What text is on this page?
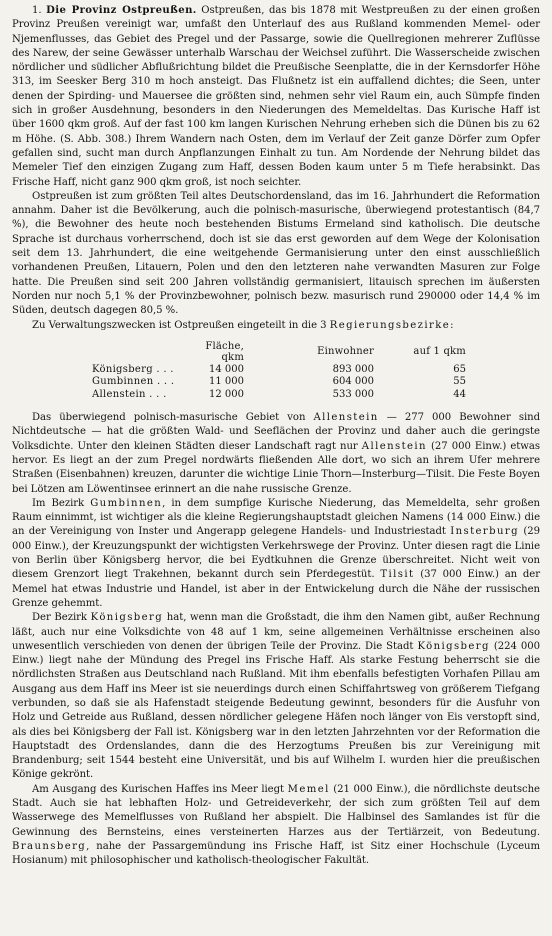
1. Die Provinz Ostpreußen. Ostpreußen, das bis 1878 mit Westpreußen zu der einen großen Provinz Preußen vereinigt war, umfaßt den Unterlauf des aus Rußland kommenden Memel- oder Njemenflusses, das Gebiet des Pregel und der Passarge, sowie die Quellregionen mehrerer Zuflüsse des Narew, der seine Gewässer unterhalb Warschau der Weichsel zuführt. Die Wasserscheide zwischen nördlicher und südlicher Abflußrichtung bildet die Preußische Seenplatte, die in der Kernsdorfer Höhe 313, im Seesker Berg 310 m hoch ansteigt. Das Flußnetz ist ein auffallend dichtes; die Seen, unter denen der Spirding- und Mauersee die größten sind, nehmen sehr viel Raum ein, auch Sümpfe finden sich in großer Ausdehnung, besonders in den Niederungen des Memeldeltas. Das Kurische Haff ist über 1600 qkm groß. Auf der fast 100 km langen Kurischen Nehrung erheben sich die Dünen bis zu 62 m Höhe. (S. Abb. 308.) Ihrem Wandern nach Osten, dem im Verlauf der Zeit ganze Dörfer zum Opfer gefallen sind, sucht man durch Anpflanzungen Einhalt zu tun. Am Nordende der Nehrung bildet das Memeler Tief den einzigen Zugang zum Haff, dessen Boden kaum unter 5 m Tiefe herabsinkt. Das Frische Haff, nicht ganz 900 qkm groß, ist noch seichter.

Ostpreußen ist zum größten Teil altes Deutschordensland, das im 16. Jahrhundert die Reformation annahm. Daher ist die Bevölkerung, auch die polnisch-masurische, überwiegend protestantisch (84,7 %), die Bewohner des heute noch bestehenden Bistums Ermeland sind katholisch. Die deutsche Sprache ist durchaus vorherrschend, doch ist sie das erst geworden auf dem Wege der Kolonisation seit dem 13. Jahrhundert, die eine weitgehende Germanisierung unter den einst ausschließlich vorhandenen Preußen, Litauern, Polen und den den letzteren nahe verwandten Masuren zur Folge hatte. Die Preußen sind seit 200 Jahren vollständig germanisiert, litauisch sprechen im äußersten Norden nur noch 5,1 % der Provinzbewohner, polnisch bezw. masurisch rund 290000 oder 14,4 % im Süden, deutsch dagegen 80,5 %.

Zu Verwaltungszwecken ist Ostpreußen eingeteilt in die 3 Regierungsbezirke:

	Fläche, qkm	Einwohner	auf 1 qkm
Königsberg . . .	14 000	893 000	65
Gumbinnen . . .	11 000	604 000	55
Allenstein . . .	12 000	533 000	44

Das überwiegend polnisch-masurische Gebiet von Allenstein — 277 000 Bewohner sind Nichtdeutsche — hat die größten Wald- und Seeflächen der Provinz und daher auch die geringste Volksdichte. Unter den kleinen Städten dieser Landschaft ragt nur Allenstein (27 000 Einw.) etwas hervor. Es liegt an der zum Pregel nordwärts fließenden Alle dort, wo sich an ihrem Ufer mehrere Straßen (Eisenbahnen) kreuzen, darunter die wichtige Linie Thorn—Insterburg—Tilsit. Die Feste Boyen bei Lötzen am Löwentinsee erinnert an die nahe russische Grenze.

Im Bezirk Gumbinnen, in dem sumpfige Kurische Niederung, das Memeldelta, sehr großen Raum einnimmt, ist wichtiger als die kleine Regierungshauptstadt gleichen Namens (14 000 Einw.) die an der Vereinigung von Inster und Angerapp gelegene Handels- und Industriestadt Insterburg (29 000 Einw.), der Kreuzungspunkt der wichtigsten Verkehrswege der Provinz. Unter diesen ragt die Linie von Berlin über Königsberg hervor, die bei Eydtkuhnen die Grenze überschreitet. Nicht weit von diesem Grenzort liegt Trakehnen, bekannt durch sein Pferdegestüt. Tilsit (37 000 Einw.) an der Memel hat etwas Industrie und Handel, ist aber in der Entwickelung durch die Nähe der russischen Grenze gehemmt.

Der Bezirk Königsberg hat, wenn man die Großstadt, die ihm den Namen gibt, außer Rechnung läßt, auch nur eine Volksdichte von 48 auf 1 km, seine allgemeinen Verhältnisse erscheinen also unwesentlich verschieden von denen der übrigen Teile der Provinz. Die Stadt Königsberg (224 000 Einw.) liegt nahe der Mündung des Pregel ins Frische Haff. Als starke Festung beherrscht sie die nördlichsten Straßen aus Deutschland nach Rußland. Mit ihm ebenfalls befestigten Vorhafen Pillau am Ausgang aus dem Haff ins Meer ist sie neuerdings durch einen Schiffahrtsweg von größerem Tiefgang verbunden, so daß sie als Hafenstadt steigende Bedeutung gewinnt, besonders für die Ausfuhr von Holz und Getreide aus Rußland, dessen nördlicher gelegene Häfen noch länger von Eis verstopft sind, als dies bei Königsberg der Fall ist. Königsberg war in den letzten Jahrzehnten vor der Reformation die Hauptstadt des Ordenslandes, dann die des Herzogtums Preußen bis zur Vereinigung mit Brandenburg; seit 1544 besteht eine Universität, und bis auf Wilhelm I. wurden hier die preußischen Könige gekrönt.

Am Ausgang des Kurischen Haffes ins Meer liegt Memel (21 000 Einw.), die nördlichste deutsche Stadt. Auch sie hat lebhaften Holz- und Getreideverkehr, der sich zum größten Teil auf dem Wasserwege des Memelflusses von Rußland her abspielt. Die Halbinsel des Samlandes ist für die Gewinnung des Bernsteins, eines versteinerten Harzes aus der Tertiärzeit, von Bedeutung. Braunsberg, nahe der Passargemündung ins Frische Haff, ist Sitz einer Hochschule (Lyceum Hosianum) mit philosophischer und katholisch-theologischer Fakultät.
